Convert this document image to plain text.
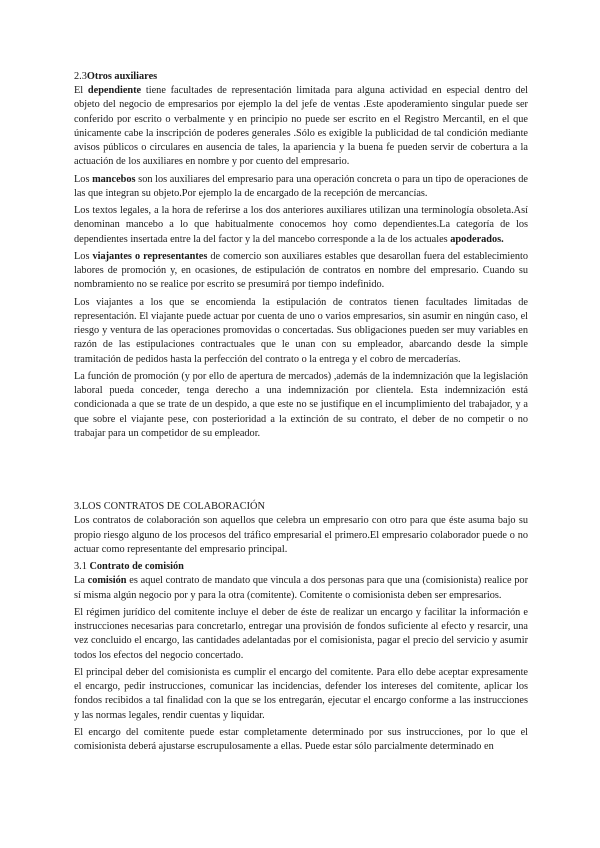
2.3Otros auxiliares

El dependiente tiene facultades de representación limitada para alguna actividad en especial dentro del objeto del negocio de empresarios por ejemplo la del jefe de ventas .Este apoderamiento singular puede ser conferido por escrito o verbalmente y en principio no puede ser escrito en el Registro Mercantil, en el que únicamente cabe la inscripción de poderes generales .Sólo es exigible la publicidad de tal condición mediante avisos públicos o circulares en ausencia de tales, la apariencia y la buena fe pueden servir de cobertura a la actuación de los auxiliares en nombre y por cuento del empresario.

Los mancebos son los auxiliares del empresario para una operación concreta o para un tipo de operaciones de las que integran su objeto.Por ejemplo la de encargado de la recepción de mercancías.

Los textos legales, a la hora de referirse a los dos anteriores auxiliares utilizan una terminología obsoleta.Así denominan mancebo a lo que habitualmente conocemos hoy como dependientes.La categoría de los dependientes insertada entre la del factor y la del mancebo corresponde a la de los actuales apoderados.

Los viajantes o representantes de comercio son auxiliares estables que desarollan fuera del establecimiento labores de promoción y, en ocasiones, de estipulación de contratos en nombre del empresario. Cuando su nombramiento no se realice por escrito se presumirá por tiempo indefinido.

Los viajantes a los que se encomienda la estipulación de contratos tienen facultades limitadas de representación. El viajante puede actuar por cuenta de uno o varios empresarios, sin asumir en ningún caso, el riesgo y ventura de las operaciones promovidas o concertadas. Sus obligaciones pueden ser muy variables en razón de las estipulaciones contractuales que le unan con su empleador, abarcando desde la simple tramitación de pedidos hasta la perfección del contrato o la entrega y el cobro de mercaderías.

La función de promoción (y por ello de apertura de mercados) ,además de la indemnización que la legislación laboral pueda conceder, tenga derecho a una indemnización por clientela. Esta indemnización está condicionada a que se trate de un despido, a que este no se justifique en el incumplimiento del trabajador, y a que sobre el viajante pese, con posterioridad a la extinción de su contrato, el deber de no competir o no trabajar para un competidor de su empleador.

3.LOS CONTRATOS DE COLABORACIÓN

Los contratos de colaboración son aquellos que celebra un empresario con otro para que éste asuma bajo su propio riesgo alguno de los procesos del tráfico empresarial el primero.El empresario colaborador puede o no actuar como representante del empresario principal.

3.1 Contrato de comisión

La comisión es aquel contrato de mandato que vincula a dos personas para que una (comisionista) realice por sí misma algún negocio por y para la otra (comitente). Comitente o comisionista deben ser empresarios.

El régimen jurídico del comitente incluye el deber de éste de realizar un encargo y facilitar la información e instrucciones necesarias para concretarlo, entregar una provisión de fondos suficiente al efecto y resarcir, una vez concluido el encargo, las cantidades adelantadas por el comisionista, pagar el precio del servicio y asumir todos los efectos del negocio concertado.

El principal deber del comisionista es cumplir el encargo del comitente. Para ello debe aceptar expresamente el encargo, pedir instrucciones, comunicar las incidencias, defender los intereses del comitente, aplicar los fondos recibidos a tal finalidad con la que se los entregarán, ejecutar el encargo conforme a las instrucciones y las normas legales, rendir cuentas y liquidar.

El encargo del comitente puede estar completamente determinado por sus instrucciones, por lo que el comisionista deberá ajustarse escrupulosamente a ellas. Puede estar sólo parcialmente determinado en
